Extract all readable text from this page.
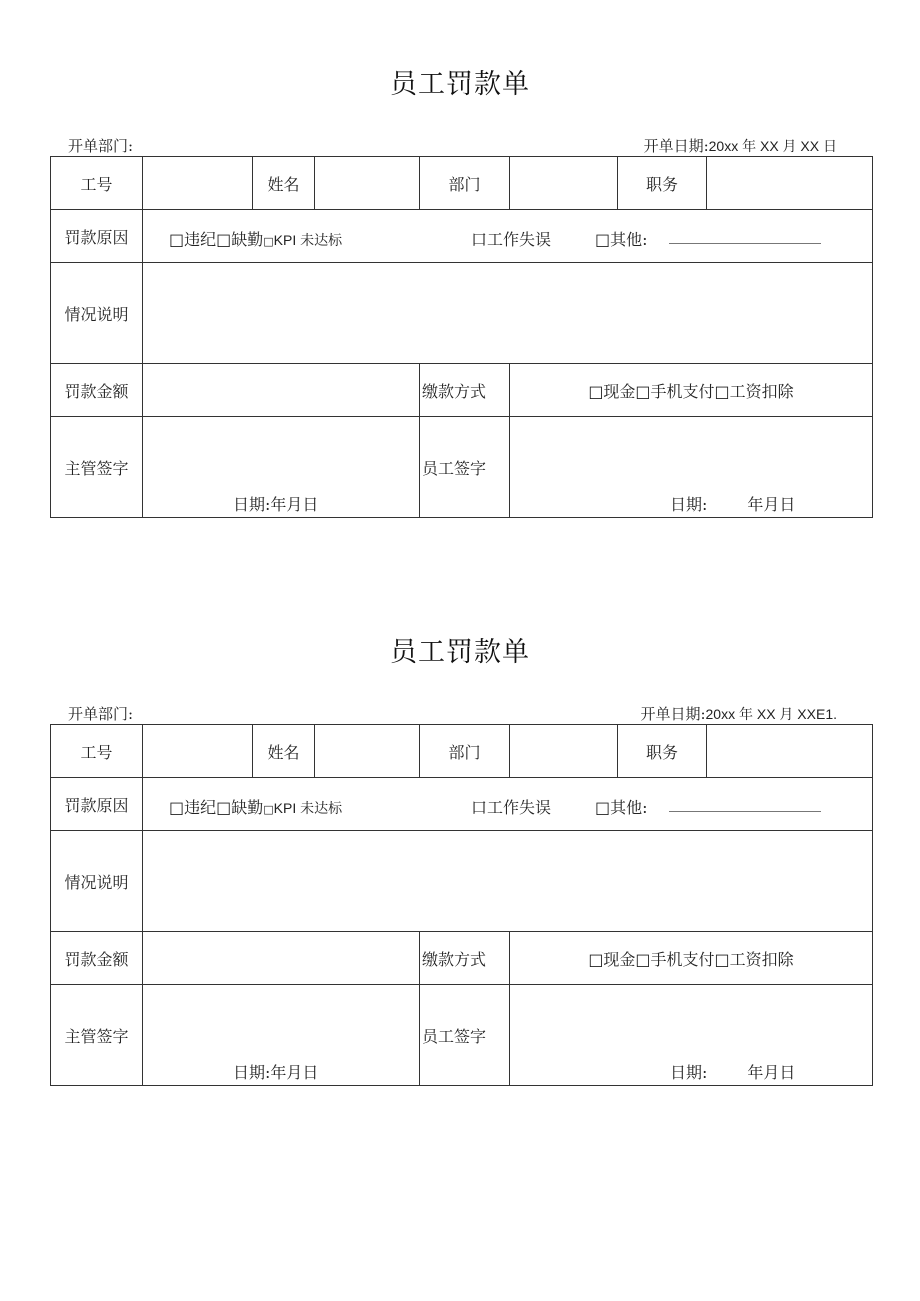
员工罚款单
开单部门:	开单日期:20xx 年 XX 月 XX 日
工号		姓名		部门		职务	
罚款原因	□违纪□缺勤□KPI 未达标 口工作失误 □其他:						

情况说明							
罚款金额				缴款方式	□现金□手机支付□工资扣除		
主管签字	日期:年月日			员工签字	日期: 年月日		
员工罚款单
开单部门:	开单日期:20xx 年 XX 月 XXE1.
工号		姓名		部门		职务	
罚款原因	□违纪□缺勤□KPI 未达标 口工作失误 □其他:						

情况说明							
罚款金额				缴款方式	□现金□手机支付□工资扣除		
主管签字	日期:年月日			员工签字	日期: 年月日		
